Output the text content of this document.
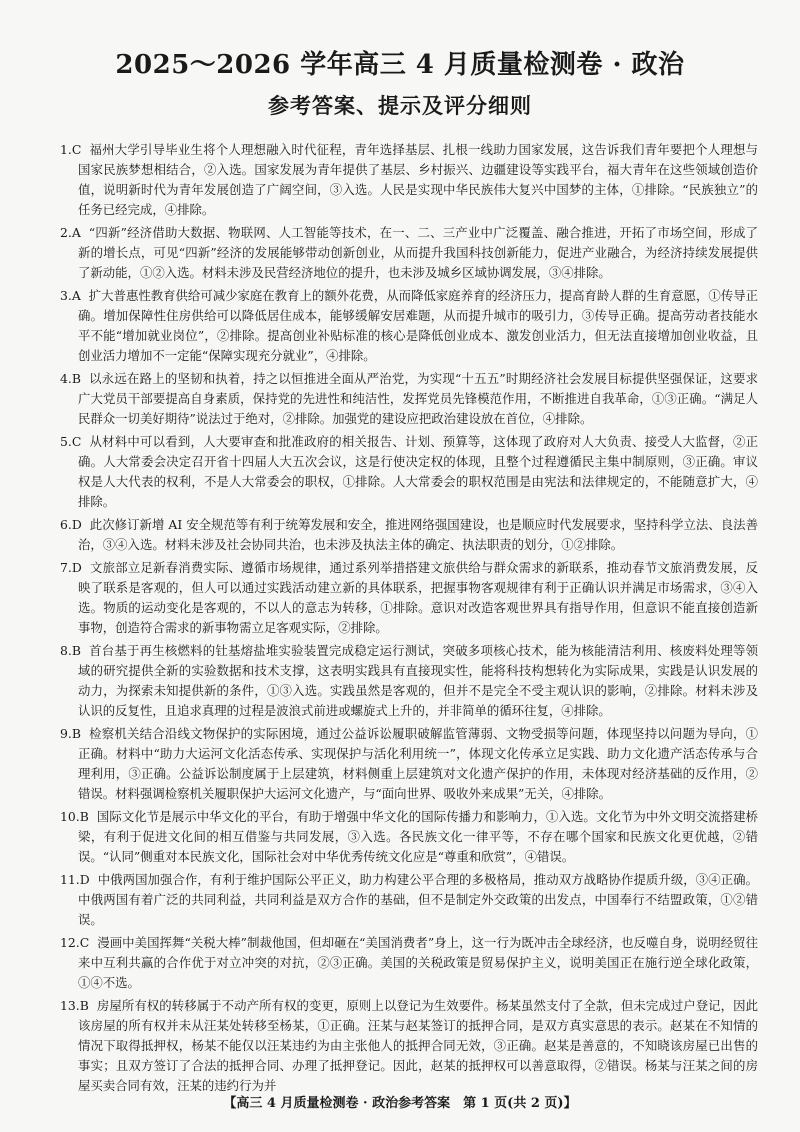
2025～2026 学年高三 4 月质量检测卷 · 政治
参考答案、提示及评分细则

1.C 福州大学引导毕业生将个人理想融入时代征程，青年选择基层、扎根一线助力国家发展，这告诉我们青年要把个人理想与国家民族梦想相结合，②入选。国家发展为青年提供了基层、乡村振兴、边疆建设等实践平台，福大青年在这些领域创造价值，说明新时代为青年发展创造了广阔空间，③入选。人民是实现中华民族伟大复兴中国梦的主体，①排除。“民族独立”的任务已经完成，④排除。

2.A “四新”经济借助大数据、物联网、人工智能等技术，在一、二、三产业中广泛覆盖、融合推进，开拓了市场空间，形成了新的增长点，可见“四新”经济的发展能够带动创新创业，从而提升我国科技创新能力，促进产业融合，为经济持续发展提供了新动能，①②入选。材料未涉及民营经济地位的提升，也未涉及城乡区域协调发展，③④排除。

3.A 扩大普惠性教育供给可减少家庭在教育上的额外花费，从而降低家庭养育的经济压力，提高育龄人群的生育意愿，①传导正确。增加保障性住房供给可以降低居住成本，能够缓解安居难题，从而提升城市的吸引力，③传导正确。提高劳动者技能水平不能“增加就业岗位”，②排除。提高创业补贴标准的核心是降低创业成本、激发创业活力，但无法直接增加创业收益，且创业活力增加不一定能“保障实现充分就业”，④排除。

4.B 以永远在路上的坚韧和执着，持之以恒推进全面从严治党，为实现“十五五”时期经济社会发展目标提供坚强保证，这要求广大党员干部要提高自身素质，保持党的先进性和纯洁性，发挥党员先锋模范作用，不断推进自我革命，①③正确。“满足人民群众一切美好期待”说法过于绝对，②排除。加强党的建设应把政治建设放在首位，④排除。

5.C 从材料中可以看到，人大要审查和批准政府的相关报告、计划、预算等，这体现了政府对人大负责、接受人大监督，②正确。人大常委会决定召开省十四届人大五次会议，这是行使决定权的体现，且整个过程遵循民主集中制原则，③正确。审议权是人大代表的权利，不是人大常委会的职权，①排除。人大常委会的职权范围是由宪法和法律规定的，不能随意扩大，④排除。

6.D 此次修订新增 AI 安全规范等有利于统筹发展和安全，推进网络强国建设，也是顺应时代发展要求，坚持科学立法、良法善治，③④入选。材料未涉及社会协同共治，也未涉及执法主体的确定、执法职责的划分，①②排除。

7.D 文旅部立足新春消费实际、遵循市场规律，通过系列举措搭建文旅供给与群众需求的新联系，推动春节文旅消费发展，反映了联系是客观的，但人可以通过实践活动建立新的具体联系，把握事物客观规律有利于正确认识并满足市场需求，③④入选。物质的运动变化是客观的，不以人的意志为转移，①排除。意识对改造客观世界具有指导作用，但意识不能直接创造新事物，创造符合需求的新事物需立足客观实际，②排除。

8.B 首台基于再生核燃料的钍基熔盐堆实验装置完成稳定运行测试，突破多项核心技术，能为核能清洁利用、核废料处理等领域的研究提供全新的实验数据和技术支撑，这表明实践具有直接现实性，能将科技构想转化为实际成果，实践是认识发展的动力，为探索未知提供新的条件，①③入选。实践虽然是客观的，但并不是完全不受主观认识的影响，②排除。材料未涉及认识的反复性，且追求真理的过程是波浪式前进或螺旋式上升的，并非简单的循环往复，④排除。

9.B 检察机关结合沿线文物保护的实际困境，通过公益诉讼履职破解监管薄弱、文物受损等问题，体现坚持以问题为导向，①正确。材料中“助力大运河文化活态传承、实现保护与活化利用统一”，体现文化传承立足实践、助力文化遗产活态传承与合理利用，③正确。公益诉讼制度属于上层建筑，材料侧重上层建筑对文化遗产保护的作用，未体现对经济基础的反作用，②错误。材料强调检察机关履职保护大运河文化遗产，与“面向世界、吸收外来成果”无关，④排除。

10.B 国际文化节是展示中华文化的平台，有助于增强中华文化的国际传播力和影响力，①入选。文化节为中外文明交流搭建桥梁，有利于促进文化间的相互借鉴与共同发展，③入选。各民族文化一律平等，不存在哪个国家和民族文化更优越，②错误。“认同”侧重对本民族文化，国际社会对中华优秀传统文化应是“尊重和欣赏”，④错误。

11.D 中俄两国加强合作，有利于维护国际公平正义，助力构建公平合理的多极格局，推动双方战略协作提质升级，③④正确。中俄两国有着广泛的共同利益，共同利益是双方合作的基础，但不是制定外交政策的出发点，中国奉行不结盟政策，①②错误。

12.C 漫画中美国挥舞“关税大棒”制裁他国，但却砸在“美国消费者”身上，这一行为既冲击全球经济，也反噬自身，说明经贸往来中互利共赢的合作优于对立冲突的对抗，②③正确。美国的关税政策是贸易保护主义，说明美国正在施行逆全球化政策，①④不选。

13.B 房屋所有权的转移属于不动产所有权的变更，原则上以登记为生效要件。杨某虽然支付了全款，但未完成过户登记，因此该房屋的所有权并未从汪某处转移至杨某，①正确。汪某与赵某签订的抵押合同，是双方真实意思的表示。赵某在不知情的情况下取得抵押权，杨某不能仅以汪某违约为由主张他人的抵押合同无效，③正确。赵某是善意的，不知晓该房屋已出售的事实；且双方签订了合法的抵押合同、办理了抵押登记。因此，赵某的抵押权可以善意取得，②错误。杨某与汪某之间的房屋买卖合同有效，汪某的违约行为并

【高三 4 月质量检测卷 · 政治参考答案　第 1 页(共 2 页)】
